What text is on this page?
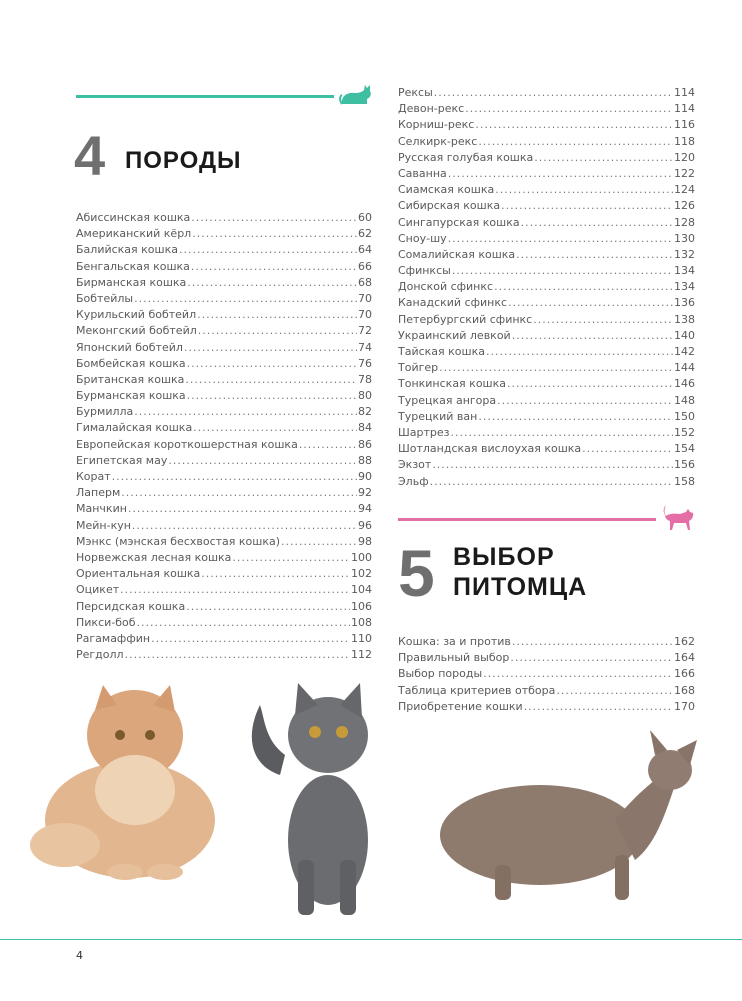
4 ПОРОДЫ
Абиссинская кошка .....	60
Американский кёрл .....	62
Балийская кошка .....	64
Бенгальская кошка .....	66
Бирманская кошка .....	68
Бобтейлы .....	70
Курильский бобтейл .....	70
Меконгский бобтейл .....	72
Японский бобтейл .....	74
Бомбейская кошка .....	76
Британская кошка .....	78
Бурманская кошка .....	80
Бурмилла .....	82
Гималайская кошка .....	84
Европейская короткошерстная кошка .....	86
Египетская мау .....	88
Корат .....	90
Лаперм .....	92
Манчкин .....	94
Мейн-кун .....	96
Мэнкс (мэнская бесхвостая кошка) .....	98
Норвежская лесная кошка .....	100
Ориентальная кошка .....	102
Оцикет .....	104
Персидская кошка .....	106
Пикси-боб .....	108
Рагамаффин .....	110
Регдолл .....	112
Рексы .....	114
Девон-рекс .....	114
Корниш-рекс .....	116
Селкирк-рекс .....	118
Русская голубая кошка .....	120
Саванна .....	122
Сиамская кошка .....	124
Сибирская кошка .....	126
Сингапурская кошка .....	128
Сноу-шу .....	130
Сомалийская кошка .....	132
Сфинксы .....	134
Донской сфинкс .....	134
Канадский сфинкс .....	136
Петербургский сфинкс .....	138
Украинский левкой .....	140
Тайская кошка .....	142
Тойгер .....	144
Тонкинская кошка .....	146
Турецкая ангора .....	148
Турецкий ван .....	150
Шартрез .....	152
Шотландская вислоухая кошка .....	154
Экзот .....	156
Эльф .....	158
5 ВЫБОР
ПИТОМЦА
Кошка: за и против .....	162
Правильный выбор .....	164
Выбор породы .....	166
Таблица критериев отбора .....	168
Приобретение кошки .....	170
4
